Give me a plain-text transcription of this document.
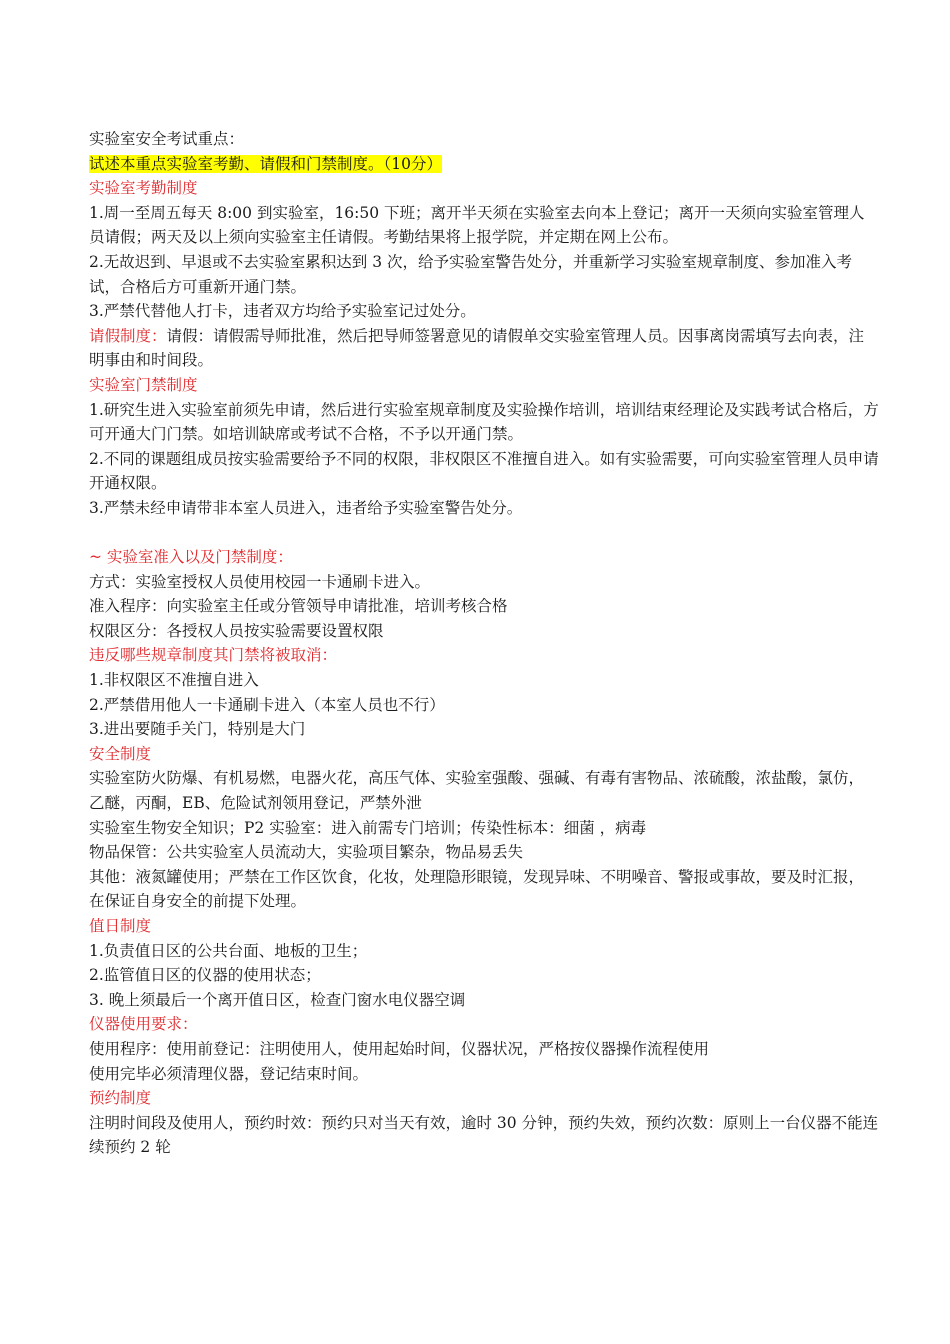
实验室安全考试重点：
试述本重点实验室考勤、请假和门禁制度。（10分）
实验室考勤制度
1.周一至周五每天 8:00 到实验室，16:50 下班；离开半天须在实验室去向本上登记；离开一天须向实验室管理人员请假；两天及以上须向实验室主任请假。考勤结果将上报学院，并定期在网上公布。
2.无故迟到、早退或不去实验室累积达到 3 次，给予实验室警告处分，并重新学习实验室规章制度、参加准入考试，合格后方可重新开通门禁。
3.严禁代替他人打卡，违者双方均给予实验室记过处分。
请假制度：请假：请假需导师批准，然后把导师签署意见的请假单交实验室管理人员。因事离岗需填写去向表，注明事由和时间段。
实验室门禁制度
1.研究生进入实验室前须先申请，然后进行实验室规章制度及实验操作培训，培训结束经理论及实践考试合格后，方可开通大门门禁。如培训缺席或考试不合格，不予以开通门禁。
2.不同的课题组成员按实验需要给予不同的权限，非权限区不准擅自进入。如有实验需要，可向实验室管理人员申请开通权限。
3.严禁未经申请带非本室人员进入，违者给予实验室警告处分。
~ 实验室准入以及门禁制度：
方式：实验室授权人员使用校园一卡通刷卡进入。
准入程序：向实验室主任或分管领导申请批准，培训考核合格
权限区分：各授权人员按实验需要设置权限
违反哪些规章制度其门禁将被取消：
1.非权限区不准擅自进入
2.严禁借用他人一卡通刷卡进入（本室人员也不行）
3.进出要随手关门，特别是大门
安全制度
实验室防火防爆、有机易燃，电器火花，高压气体、实验室强酸、强碱、有毒有害物品、浓硫酸，浓盐酸，氯仿，乙醚，丙酮，EB、危险试剂领用登记，严禁外泄
实验室生物安全知识；P2 实验室：进入前需专门培训；传染性标本：细菌 ，病毒
物品保管：公共实验室人员流动大，实验项目繁杂，物品易丢失
其他：液氮罐使用；严禁在工作区饮食，化妆，处理隐形眼镜，发现异味、不明噪音、警报或事故，要及时汇报，在保证自身安全的前提下处理。
值日制度
1.负责值日区的公共台面、地板的卫生；
2.监管值日区的仪器的使用状态；
3. 晚上须最后一个离开值日区，检查门窗水电仪器空调
仪器使用要求：
使用程序：使用前登记：注明使用人，使用起始时间，仪器状况，严格按仪器操作流程使用
使用完毕必须清理仪器，登记结束时间。
预约制度
注明时间段及使用人，预约时效：预约只对当天有效，逾时 30 分钟，预约失效，预约次数：原则上一台仪器不能连续预约 2 轮
